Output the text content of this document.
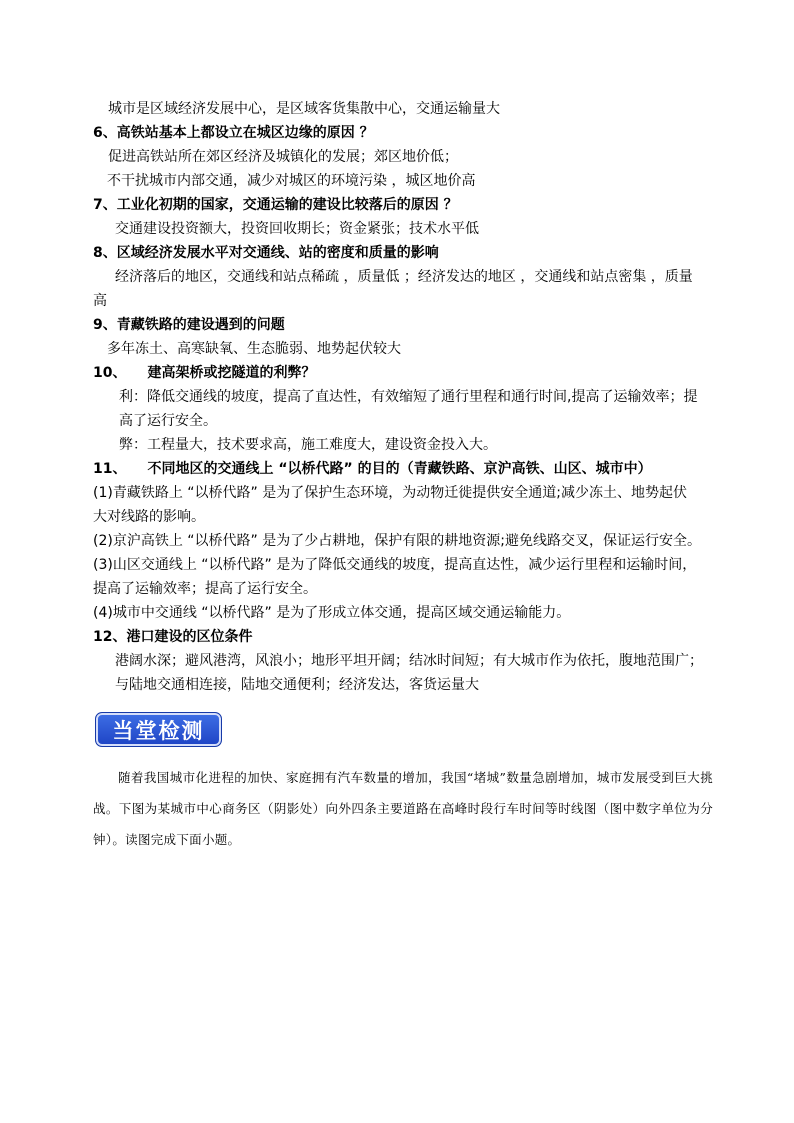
城市是区域经济发展中心，是区域客货集散中心，交通运输量大
6、高铁站基本上都设立在城区边缘的原因 ？
促进高铁站所在郊区经济及城镇化的发展；郊区地价低；
不干扰城市内部交通，减少对城区的环境污染 ，城区地价高
7、工业化初期的国家，交通运输的建设比较落后的原因 ？
交通建设投资额大，投资回收期长；资金紧张；技术水平低
8、区域经济发展水平对交通线、站的密度和质量的影响
经济落后的地区，交通线和站点稀疏 ，质量低 ；经济发达的地区 ，交通线和站点密集 ，质量
高
9、青藏铁路的建设遇到的问题
多年冻土、高寒缺氧、生态脆弱、地势起伏较大
10、　　建高架桥或挖隧道的利弊？
利：降低交通线的坡度，提高了直达性，有效缩短了通行里程和通行时间,提高了运输效率；提
高了运行安全。
弊：工程量大，技术要求高，施工难度大，建设资金投入大。
11、　　不同地区的交通线上 “以桥代路” 的目的（青藏铁路、京沪高铁、山区、城市中）
(1)青藏铁路上 “以桥代路” 是为了保护生态环境，为动物迁徙提供安全通道;减少冻土、地势起伏
大对线路的影响。
(2)京沪高铁上 “以桥代路” 是为了少占耕地，保护有限的耕地资源;避免线路交叉，保证运行安全。
(3)山区交通线上 “以桥代路” 是为了降低交通线的坡度，提高直达性，减少运行里程和运输时间，
提高了运输效率；提高了运行安全。
(4)城市中交通线 “以桥代路” 是为了形成立体交通，提高区域交通运输能力。
12、港口建设的区位条件
港阔水深；避风港湾，风浪小；地形平坦开阔；结冰时间短；有大城市作为依托，腹地范围广；
与陆地交通相连接，陆地交通便利；经济发达，客货运量大
当堂检测
随着我国城市化进程的加快、家庭拥有汽车数量的增加，我国“堵城”数量急剧增加，城市发展受到巨大挑战。下图为某城市中心商务区（阴影处）向外四条主要道路在高峰时段行车时间等时线图（图中数字单位为分钟）。读图完成下面小题。
